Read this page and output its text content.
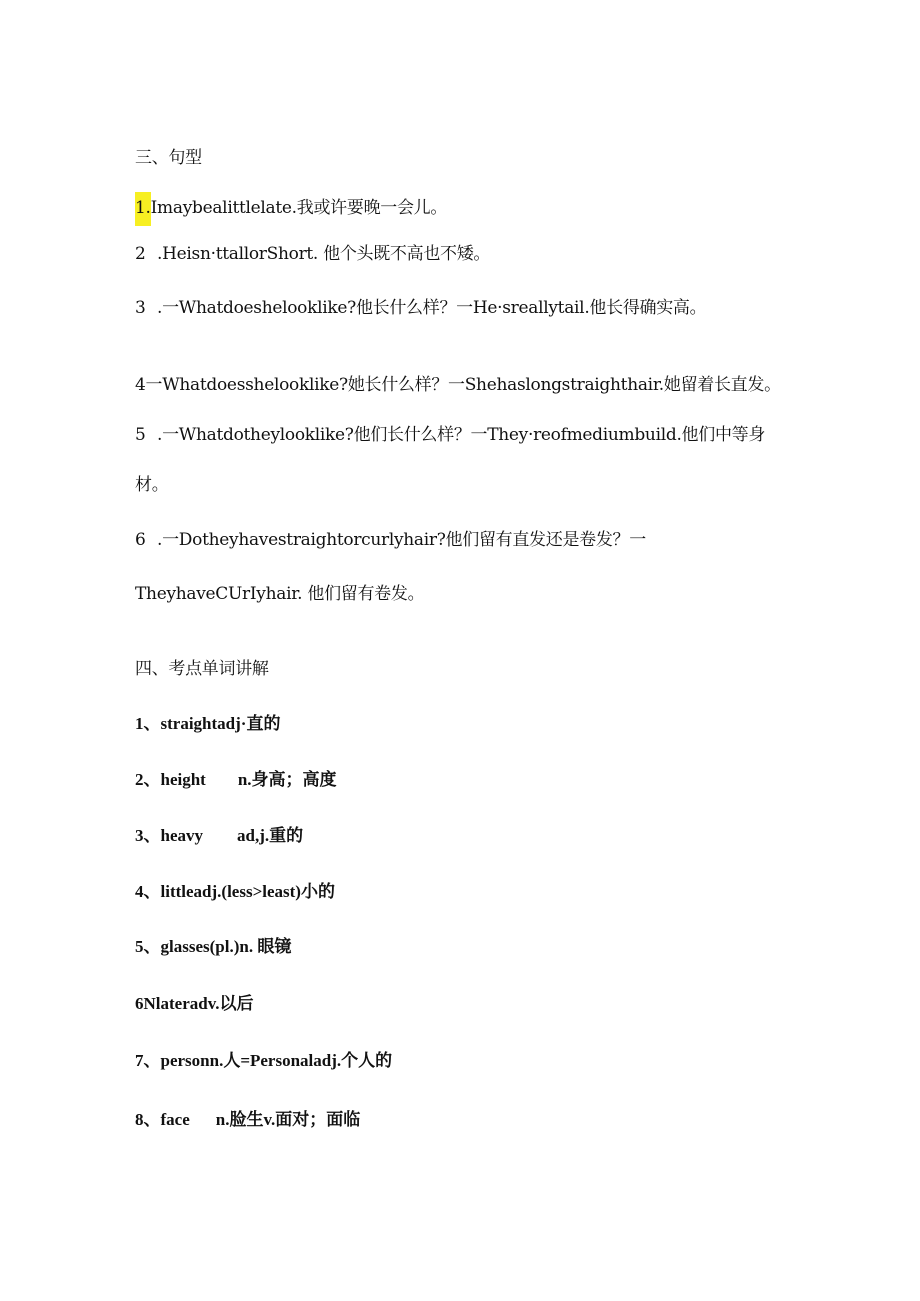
三、句型
1.Imaybealittlelate.我或许要晚一会儿。
2 .Heisn·ttallorShort. 他个头既不高也不矮。
3 .一Whatdoeshelooklike?他长什么样？一He·sreallytail.他长得确实高。
4一Whatdoesshelooklike?她长什么样？一Shehaslongstraighthair.她留着长直发。
5 .一Whatdotheylooklike?他们长什么样？一They·reofmediumbuild.他们中等身
材。
6 .一Dotheyhavestraightorcurlyhair?他们留有直发还是卷发？一
TheyhaveCUrIyhair. 他们留有卷发。
四、考点单词讲解
1、straightadj·直的
2、height n.身高；高度
3、heavy ad,j.重的
4、littleadj.(less>least)小的
5、glasses(pl.)n. 眼镜
6Nlateradv.以后
7、personn.人=Personaladj.个人的
8、face n.脸生v.面对；面临
